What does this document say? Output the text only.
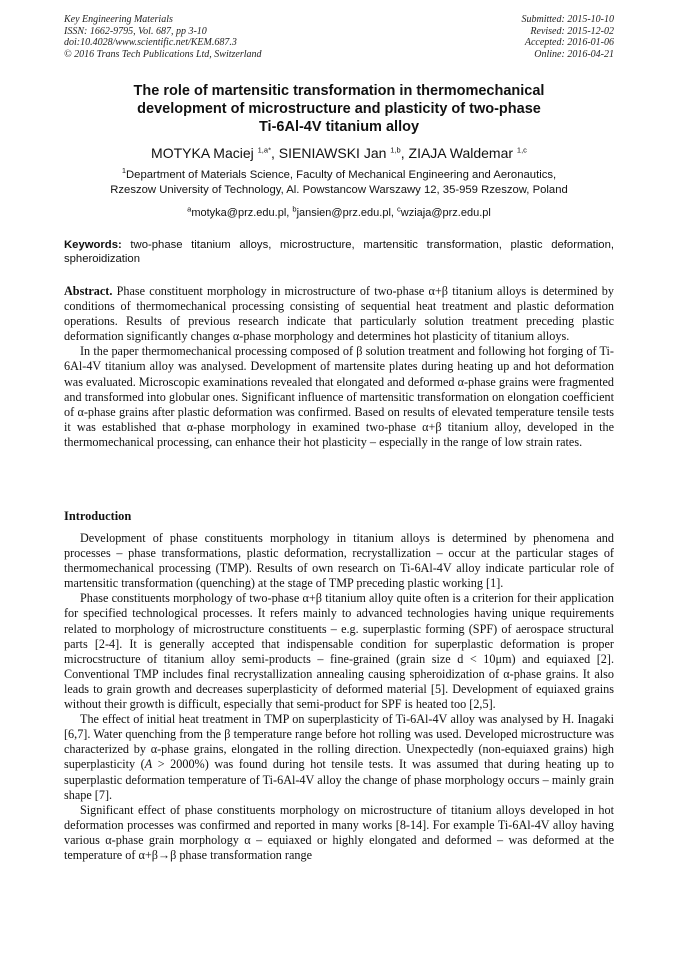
Key Engineering Materials
ISSN: 1662-9795, Vol. 687, pp 3-10
doi:10.4028/www.scientific.net/KEM.687.3
© 2016 Trans Tech Publications Ltd, Switzerland
Submitted: 2015-10-10
Revised: 2015-12-02
Accepted: 2016-01-06
Online: 2016-04-21
The role of martensitic transformation in thermomechanical
development of microstructure and plasticity of two-phase
Ti-6Al-4V titanium alloy
MOTYKA Maciej $^{1,a*}$, SIENIAWSKI Jan $^{1,b}$, ZIAJA Waldemar $^{1,c}$
$^1$Department of Materials Science, Faculty of Mechanical Engineering and Aeronautics,
Rzeszow University of Technology, Al. Powstancow Warszawy 12, 35-959 Rzeszow, Poland
$^a$motyka@prz.edu.pl, $^b$jansien@prz.edu.pl, $^c$wziaja@prz.edu.pl
Keywords: two-phase titanium alloys, microstructure, martensitic transformation, plastic deformation, spheroidization

Abstract. Phase constituent morphology in microstructure of two-phase α+β titanium alloys is determined by conditions of thermomechanical processing consisting of sequential heat treatment and plastic deformation operations. Results of previous research indicate that particularly solution treatment preceding plastic deformation significantly changes α-phase morphology and determines hot plasticity of titanium alloys.

In the paper thermomechanical processing composed of β solution treatment and following hot forging of Ti-6Al-4V titanium alloy was analysed. Development of martensite plates during heating up and hot deformation was evaluated. Microscopic examinations revealed that elongated and deformed α-phase grains were fragmented and transformed into globular ones. Significant influence of martensitic transformation on elongation coefficient of α-phase grains after plastic deformation was confirmed. Based on results of elevated temperature tensile tests it was established that α-phase morphology in examined two-phase α+β titanium alloy, developed in the thermomechanical processing, can enhance their hot plasticity – especially in the range of low strain rates.

Introduction

Development of phase constituents morphology in titanium alloys is determined by phenomena and processes – phase transformations, plastic deformation, recrystallization – occur at the particular stages of thermomechanical processing (TMP). Results of own research on Ti-6Al-4V alloy indicate particular role of martensitic transformation (quenching) at the stage of TMP preceding plastic working [1].

Phase constituents morphology of two-phase α+β titanium alloy quite often is a criterion for their application for specified technological processes. It refers mainly to advanced technologies having unique requirements related to morphology of microstructure constituents – e.g. superplastic forming (SPF) of aerospace structural parts [2-4]. It is generally accepted that indispensable condition for superplastic deformation is proper microcstructure of titanium alloy semi-products – fine-grained (grain size d < 10μm) and equiaxed [2]. Conventional TMP includes final recrystallization annealing causing spheroidization of α-phase grains. It also leads to grain growth and decreases superplasticity of deformed material [5]. Development of equiaxed grains without their growth is difficult, especially that semi-product for SPF is heated too [2,5].

The effect of initial heat treatment in TMP on superplasticity of Ti-6Al-4V alloy was analysed by H. Inagaki [6,7]. Water quenching from the β temperature range before hot rolling was used. Developed microstructure was characterized by α-phase grains, elongated in the rolling direction. Unexpectedly (non-equiaxed grains) high superplasticity (A > 2000%) was found during hot tensile tests. It was assumed that during heating up to superplastic deformation temperature of Ti-6Al-4V alloy the change of phase morphology occurs – mainly grain shape [7].

Significant effect of phase constituents morphology on microstructure of titanium alloys developed in hot deformation processes was confirmed and reported in many works [8-14]. For example Ti-6Al-4V alloy having various α-phase grain morphology α – equiaxed or highly elongated and deformed – was deformed at the temperature of α+β→β phase transformation range
